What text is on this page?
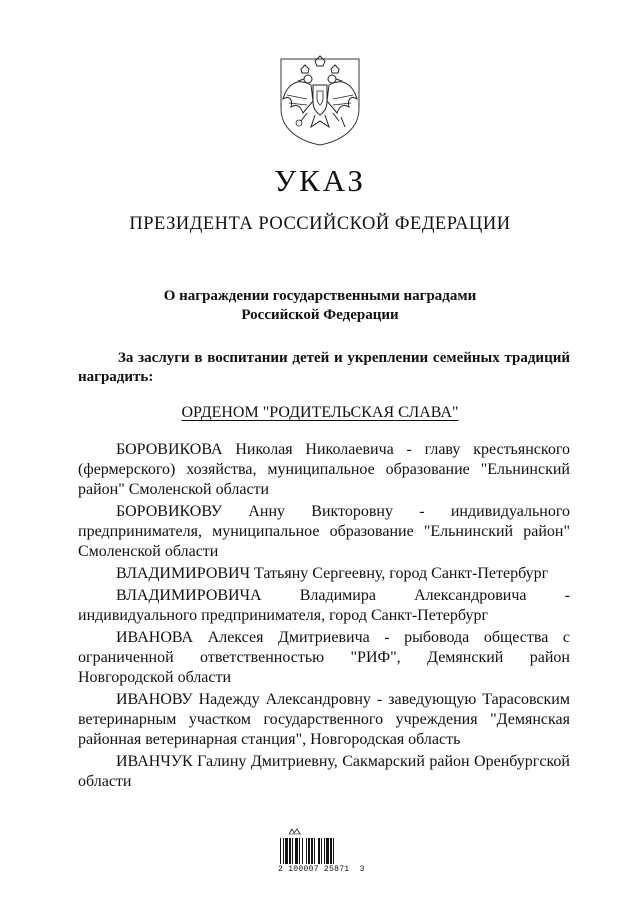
УКАЗ
ПРЕЗИДЕНТА РОССИЙСКОЙ ФЕДЕРАЦИИ
О награждении государственными наградами
Российской Федерации
За заслуги в воспитании детей и укреплении семейных традиций наградить:
ОРДЕНОМ "РОДИТЕЛЬСКАЯ СЛАВА"
БОРОВИКОВА Николая Николаевича - главу крестьянского (фермерского) хозяйства, муниципальное образование "Ельнинский район" Смоленской области
БОРОВИКОВУ Анну Викторовну - индивидуального предпринимателя, муниципальное образование "Ельнинский район" Смоленской области
ВЛАДИМИРОВИЧ Татьяну Сергеевну, город Санкт-Петербург
ВЛАДИМИРОВИЧА Владимира Александровича - индивидуального предпринимателя, город Санкт-Петербург
ИВАНОВА Алексея Дмитриевича - рыбовода общества с ограниченной ответственностью "РИФ", Демянский район Новгородской области
ИВАНОВУ Надежду Александровну - заведующую Тарасовским ветеринарным участком государственного учреждения "Демянская районная ветеринарная станция", Новгородская область
ИВАНЧУК Галину Дмитриевну, Сакмарский район Оренбургской области
2 100007 25871  3
